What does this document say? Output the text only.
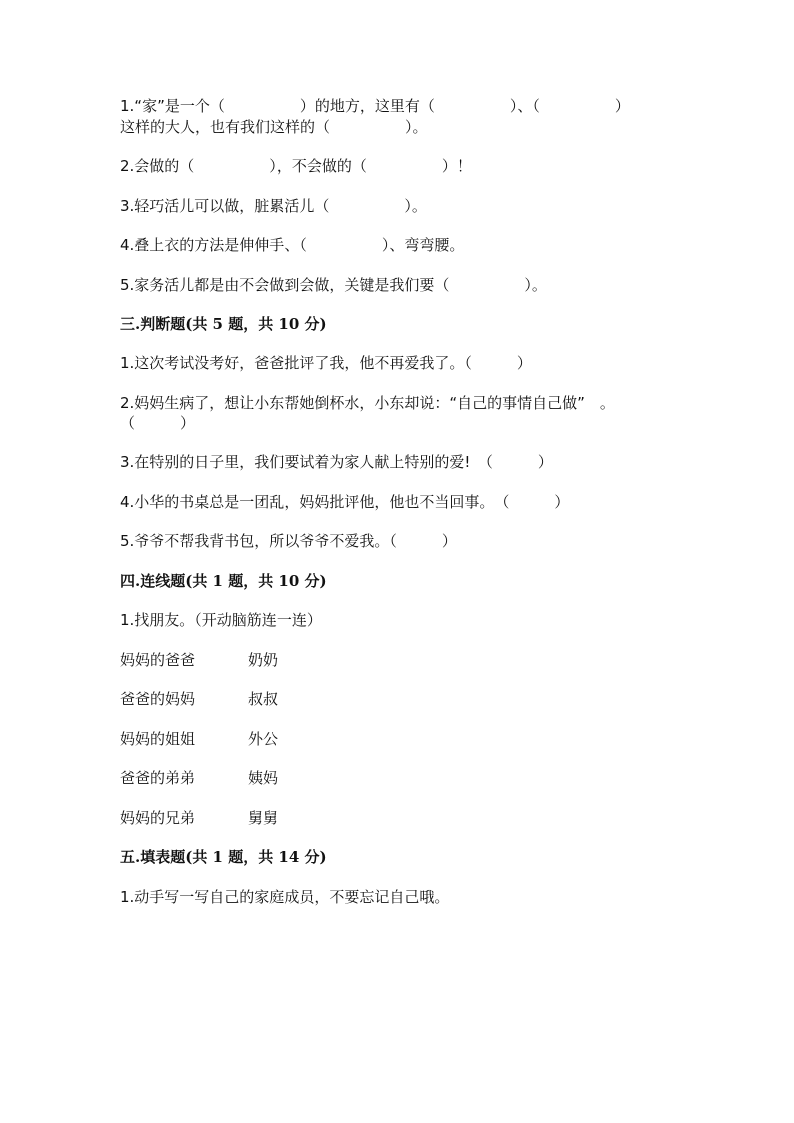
1.“家”是一个（　　　　　）的地方，这里有（　　　　　）、（　　　　　）
这样的大人，也有我们这样的（　　　　　）。
2.会做的（　　　　　），不会做的（　　　　　）！
3.轻巧活儿可以做，脏累活儿（　　　　　）。
4.叠上衣的方法是伸伸手、（　　　　　）、弯弯腰。
5.家务活儿都是由不会做到会做，关键是我们要（　　　　　）。
三.判断题(共 5 题，共 10 分)
1.这次考试没考好，爸爸批评了我，他不再爱我了。（　　　）
2.妈妈生病了，想让小东帮她倒杯水，小东却说：“自己的事情自己做”　。
（　　　）
3.在特别的日子里，我们要试着为家人献上特别的爱!　（　　　）
4.小华的书桌总是一团乱，妈妈批评他，他也不当回事。　（　　　）
5.爷爷不帮我背书包，所以爷爷不爱我。（　　　）
四.连线题(共 1 题，共 10 分)
1.找朋友。（开动脑筋连一连）
妈妈的爸爸	奶奶
爸爸的妈妈	叔叔
妈妈的姐姐	外公
爸爸的弟弟	姨妈
妈妈的兄弟	舅舅
五.填表题(共 1 题，共 14 分)
1.动手写一写自己的家庭成员，不要忘记自己哦。
